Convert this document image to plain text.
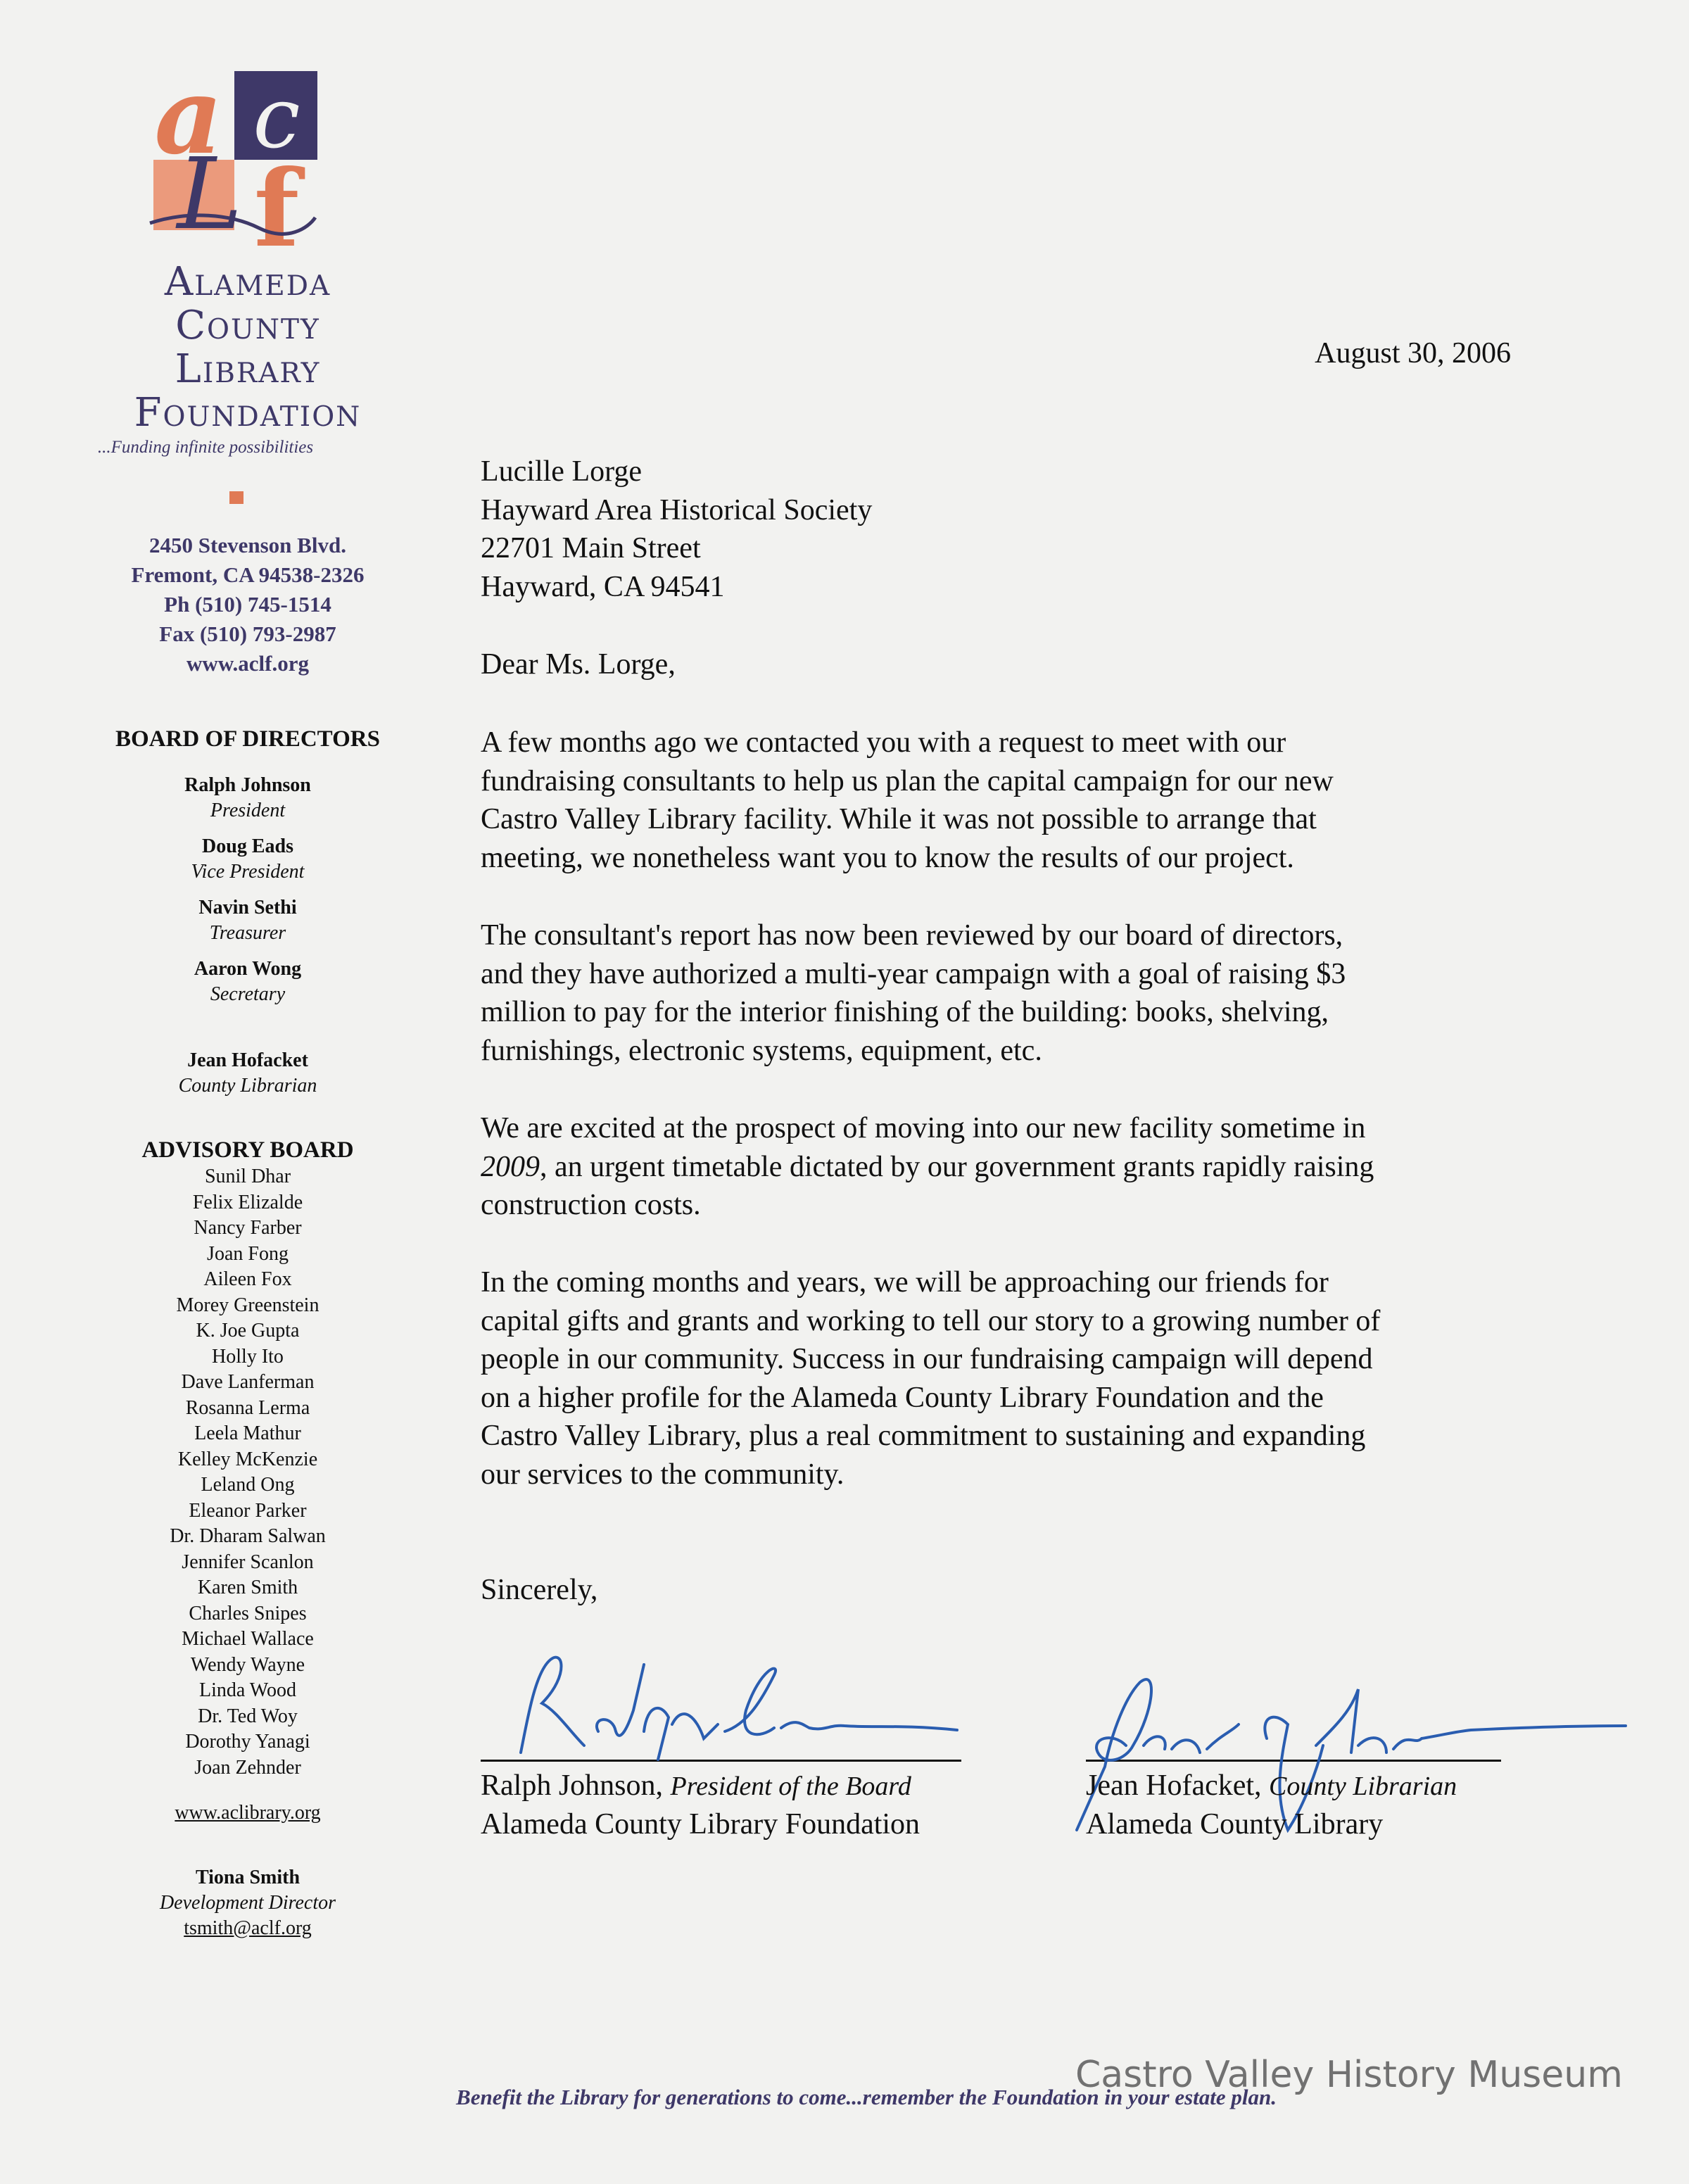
a c
f
L
Alameda
County
Library
Foundation
...Funding infinite possibilities
2450 Stevenson Blvd.
Fremont, CA 94538-2326
Ph (510) 745-1514
Fax (510) 793-2987
www.aclf.org
BOARD OF DIRECTORS
Ralph Johnson
President
Doug Eads
Vice President
Navin Sethi
Treasurer
Aaron Wong
Secretary
Jean Hofacket
County Librarian
ADVISORY BOARD
Sunil Dhar
Felix Elizalde
Nancy Farber
Joan Fong
Aileen Fox
Morey Greenstein
K. Joe Gupta
Holly Ito
Dave Lanferman
Rosanna Lerma
Leela Mathur
Kelley McKenzie
Leland Ong
Eleanor Parker
Dr. Dharam Salwan
Jennifer Scanlon
Karen Smith
Charles Snipes
Michael Wallace
Wendy Wayne
Linda Wood
Dr. Ted Woy
Dorothy Yanagi
Joan Zehnder
www.aclibrary.org
Tiona Smith
Development Director
tsmith@aclf.org
August 30, 2006
Lucille Lorge
Hayward Area Historical Society
22701 Main Street
Hayward, CA 94541
Dear Ms. Lorge,
A few months ago we contacted you with a request to meet with our
fundraising consultants to help us plan the capital campaign for our new
Castro Valley Library facility. While it was not possible to arrange that
meeting, we nonetheless want you to know the results of our project.
The consultant's report has now been reviewed by our board of directors,
and they have authorized a multi-year campaign with a goal of raising $3
million to pay for the interior finishing of the building: books, shelving,
furnishings, electronic systems, equipment, etc.
We are excited at the prospect of moving into our new facility sometime in
2009, an urgent timetable dictated by our government grants rapidly raising
construction costs.
In the coming months and years, we will be approaching our friends for
capital gifts and grants and working to tell our story to a growing number of
people in our community. Success in our fundraising campaign will depend
on a higher profile for the Alameda County Library Foundation and the
Castro Valley Library, plus a real commitment to sustaining and expanding
our services to the community.
Sincerely,
Ralph Johnson, President of the Board
Alameda County Library Foundation
Jean Hofacket, County Librarian
Alameda County Library
Benefit the Library for generations to come...remember the Foundation in your estate plan.
Castro Valley History Museum
